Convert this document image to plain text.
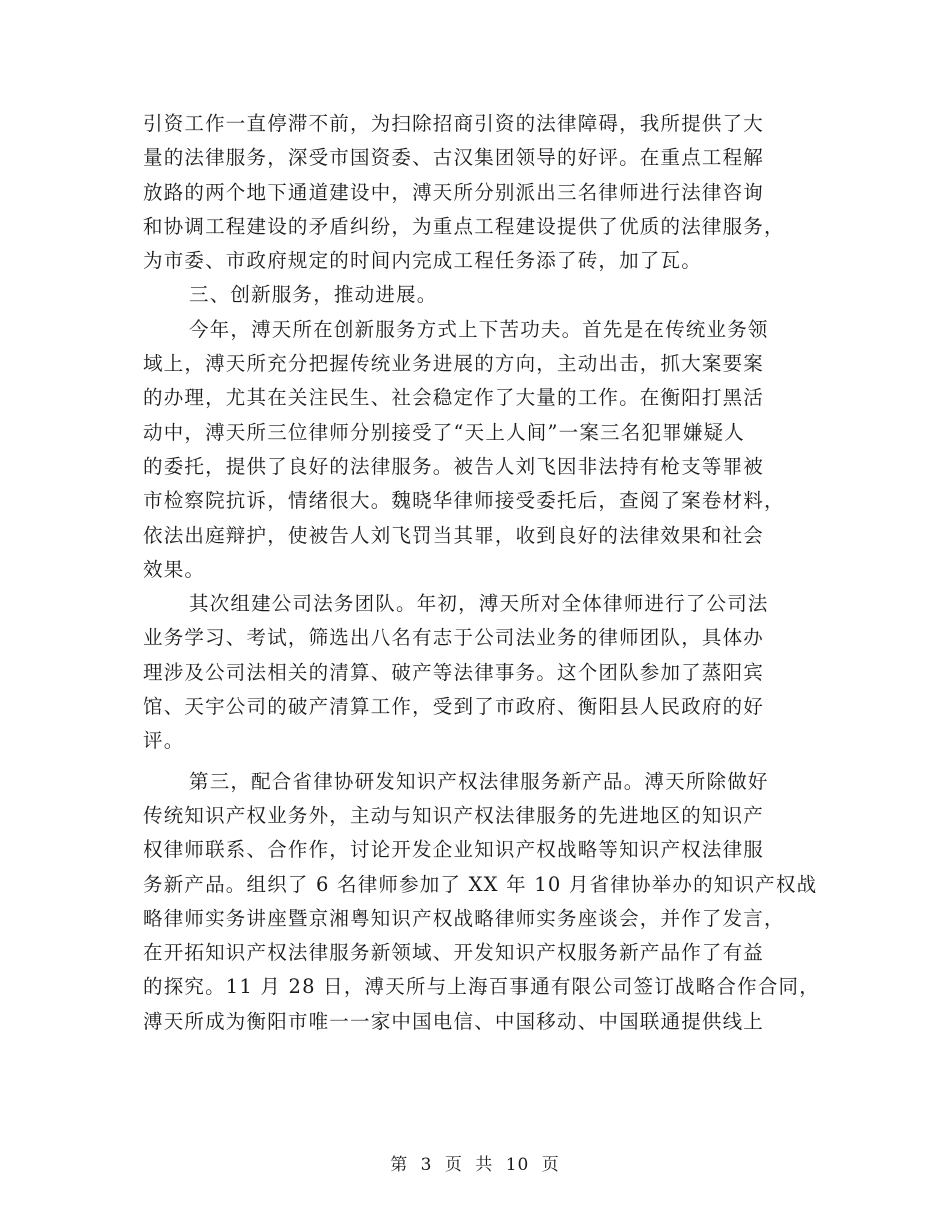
引资工作一直停滞不前，为扫除招商引资的法律障碍，我所提供了大
量的法律服务，深受市国资委、古汉集团领导的好评。在重点工程解
放路的两个地下通道建设中，溥天所分别派出三名律师进行法律咨询
和协调工程建设的矛盾纠纷，为重点工程建设提供了优质的法律服务，
为市委、市政府规定的时间内完成工程任务添了砖，加了瓦。
三、创新服务，推动进展。
今年，溥天所在创新服务方式上下苦功夫。首先是在传统业务领
域上，溥天所充分把握传统业务进展的方向，主动出击，抓大案要案
的办理，尤其在关注民生、社会稳定作了大量的工作。在衡阳打黑活
动中，溥天所三位律师分别接受了“天上人间”一案三名犯罪嫌疑人
的委托，提供了良好的法律服务。被告人刘飞因非法持有枪支等罪被
市检察院抗诉，情绪很大。魏晓华律师接受委托后，查阅了案卷材料，
依法出庭辩护，使被告人刘飞罚当其罪，收到良好的法律效果和社会
效果。
其次组建公司法务团队。年初，溥天所对全体律师进行了公司法
业务学习、考试，筛选出八名有志于公司法业务的律师团队，具体办
理涉及公司法相关的清算、破产等法律事务。这个团队参加了蒸阳宾
馆、天宇公司的破产清算工作，受到了市政府、衡阳县人民政府的好
评。
第三，配合省律协研发知识产权法律服务新产品。溥天所除做好
传统知识产权业务外，主动与知识产权法律服务的先进地区的知识产
权律师联系、合作作，讨论开发企业知识产权战略等知识产权法律服
务新产品。组织了 6 名律师参加了 XX 年 10 月省律协举办的知识产权战
略律师实务讲座暨京湘粤知识产权战略律师实务座谈会，并作了发言，
在开拓知识产权法律服务新领域、开发知识产权服务新产品作了有益
的探究。11 月 28 日，溥天所与上海百事通有限公司签订战略合作合同，
溥天所成为衡阳市唯一一家中国电信、中国移动、中国联通提供线上
第 3 页 共 10 页
